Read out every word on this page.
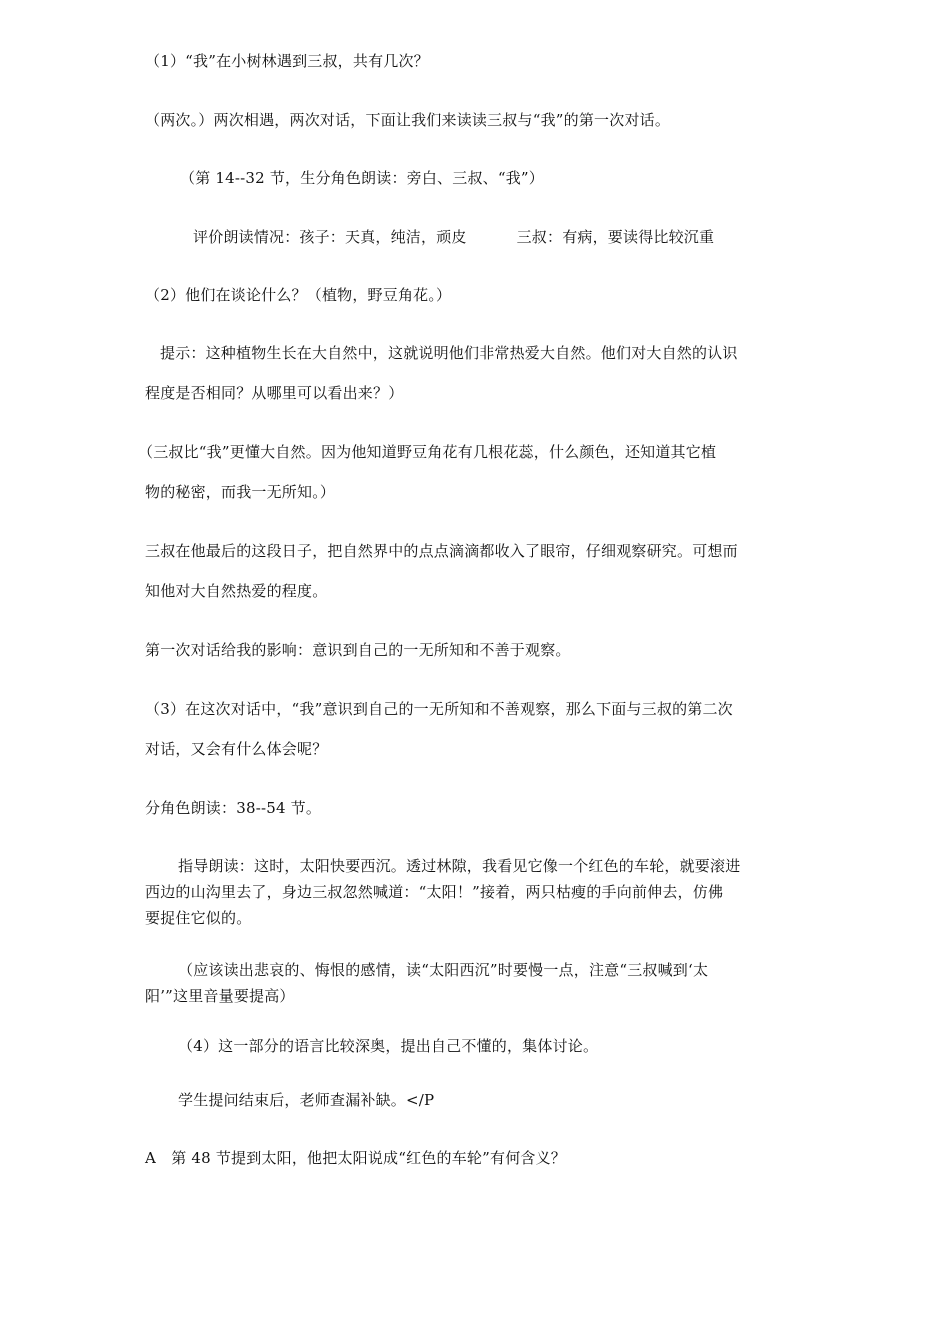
（1）“我”在小树林遇到三叔，共有几次？
（两次。）两次相遇，两次对话，下面让我们来读读三叔与“我”的第一次对话。
（第 14--32 节，生分角色朗读：旁白、三叔、“我”）
评价朗读情况：孩子：天真，纯洁，顽皮	三叔：有病，要读得比较沉重
（2）他们在谈论什么？（植物，野豆角花。）
提示：这种植物生长在大自然中，这就说明他们非常热爱大自然。他们对大自然的认识
程度是否相同？从哪里可以看出来？）
（三叔比“我”更懂大自然。因为他知道野豆角花有几根花蕊，什么颜色，还知道其它植
物的秘密，而我一无所知。）
三叔在他最后的这段日子，把自然界中的点点滴滴都收入了眼帘，仔细观察研究。可想而
知他对大自然热爱的程度。
第一次对话给我的影响：意识到自己的一无所知和不善于观察。
（3）在这次对话中，“我”意识到自己的一无所知和不善观察，那么下面与三叔的第二次
对话，又会有什么体会呢？
分角色朗读：38--54 节。
指导朗读：这时，太阳快要西沉。透过林隙，我看见它像一个红色的车轮，就要滚进
西边的山沟里去了，身边三叔忽然喊道：“太阳！”接着，两只枯瘦的手向前伸去，仿佛
要捉住它似的。
（应该读出悲哀的、悔恨的感情，读“太阳西沉”时要慢一点，注意“三叔喊到‘太
阳’”这里音量要提高）
（4）这一部分的语言比较深奥，提出自己不懂的，集体讨论。
学生提问结束后，老师查漏补缺。</P
A　第 48 节提到太阳，他把太阳说成“红色的车轮”有何含义？
